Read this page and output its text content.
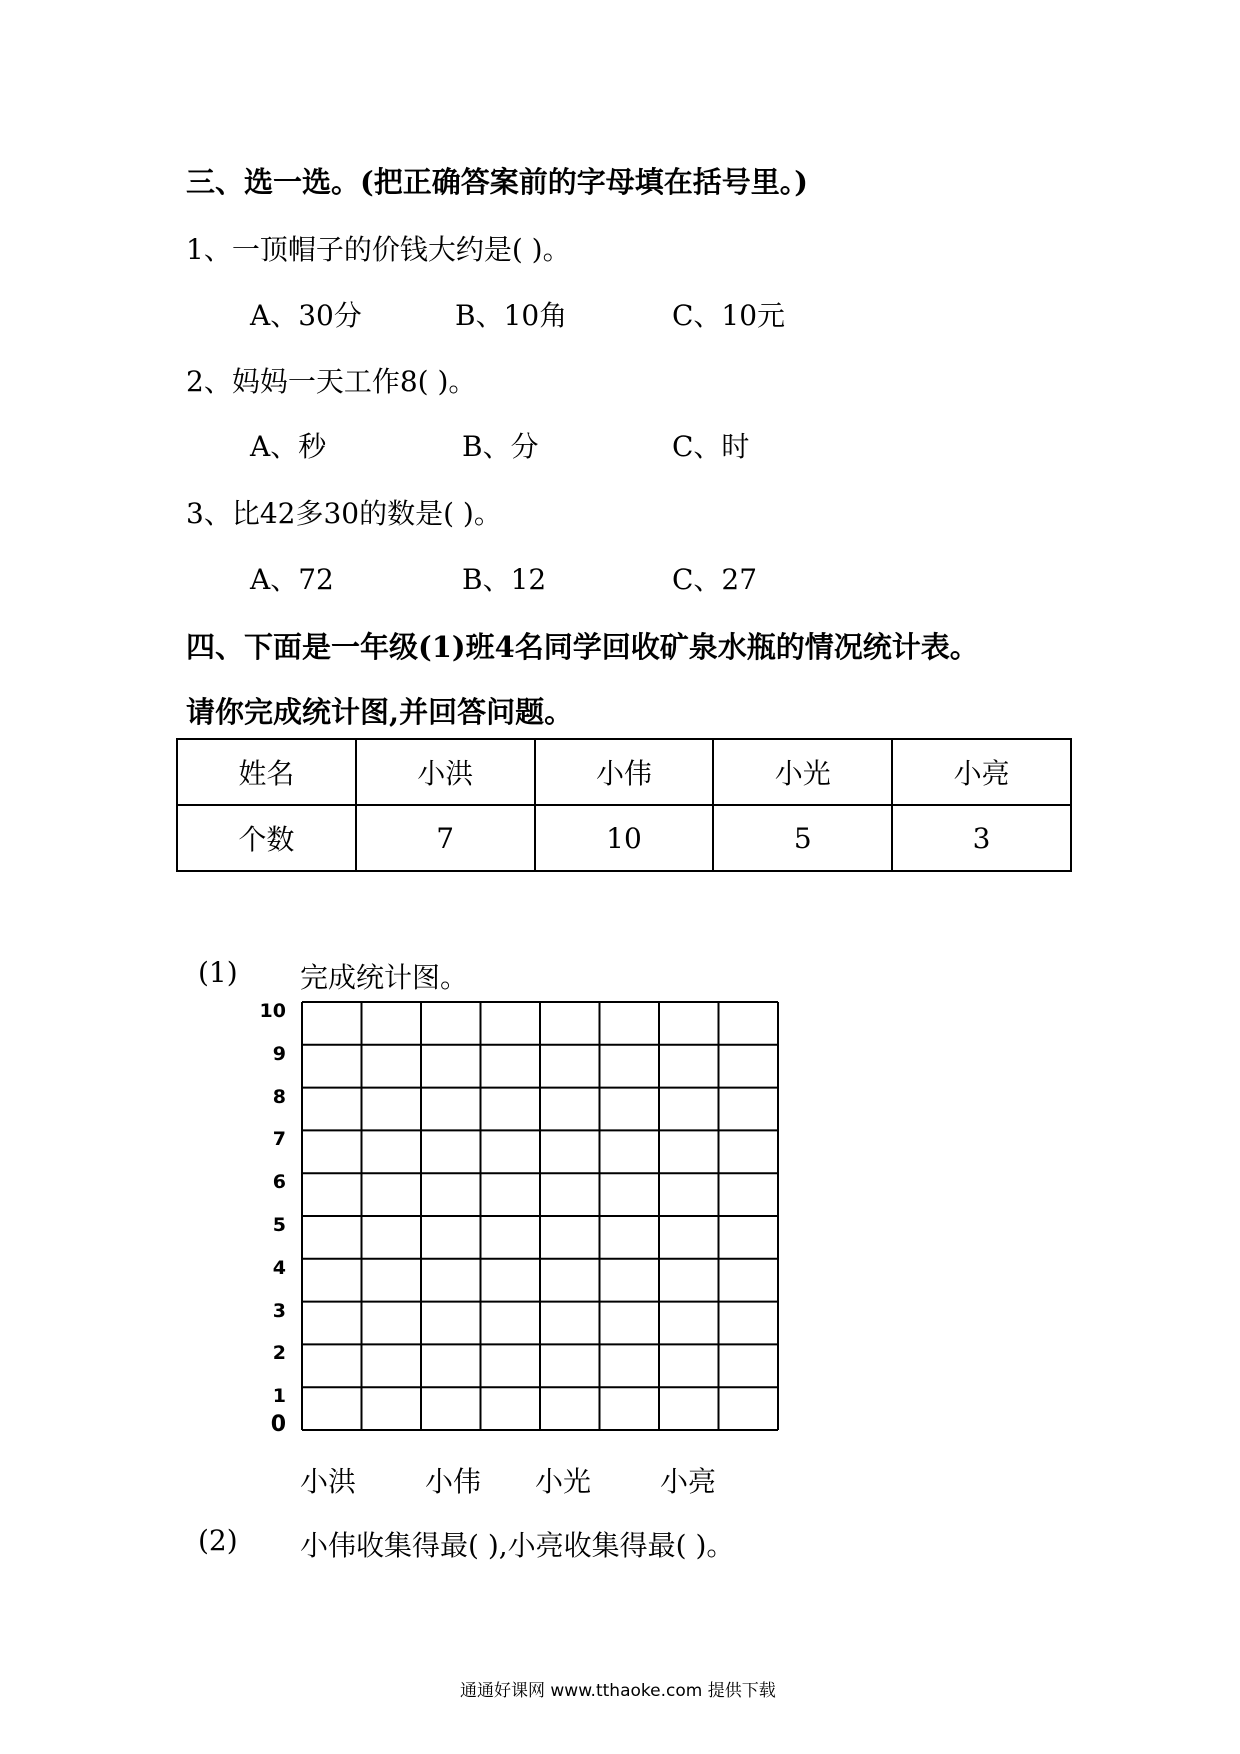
三、选一选。(把正确答案前的字母填在括号里。)
1、一顶帽子的价钱大约是( )。
A、30分	B、10角	C、10元
2、妈妈一天工作8( )。
A、秒	B、分	C、时
3、比42多30的数是( )。
A、72	B、12	C、27
四、下面是一年级(1)班4名同学回收矿泉水瓶的情况统计表。
请你完成统计图,并回答问题。
姓名	小洪	小伟	小光	小亮
个数	7	10	5	3
(1) 完成统计图。
0
1
2
3
4
5
6
7
8
9
10
小洪 小伟 小光 小亮
(2) 小伟收集得最( ),小亮收集得最( )。
通通好课网 www.tthaoke.com 提供下载
